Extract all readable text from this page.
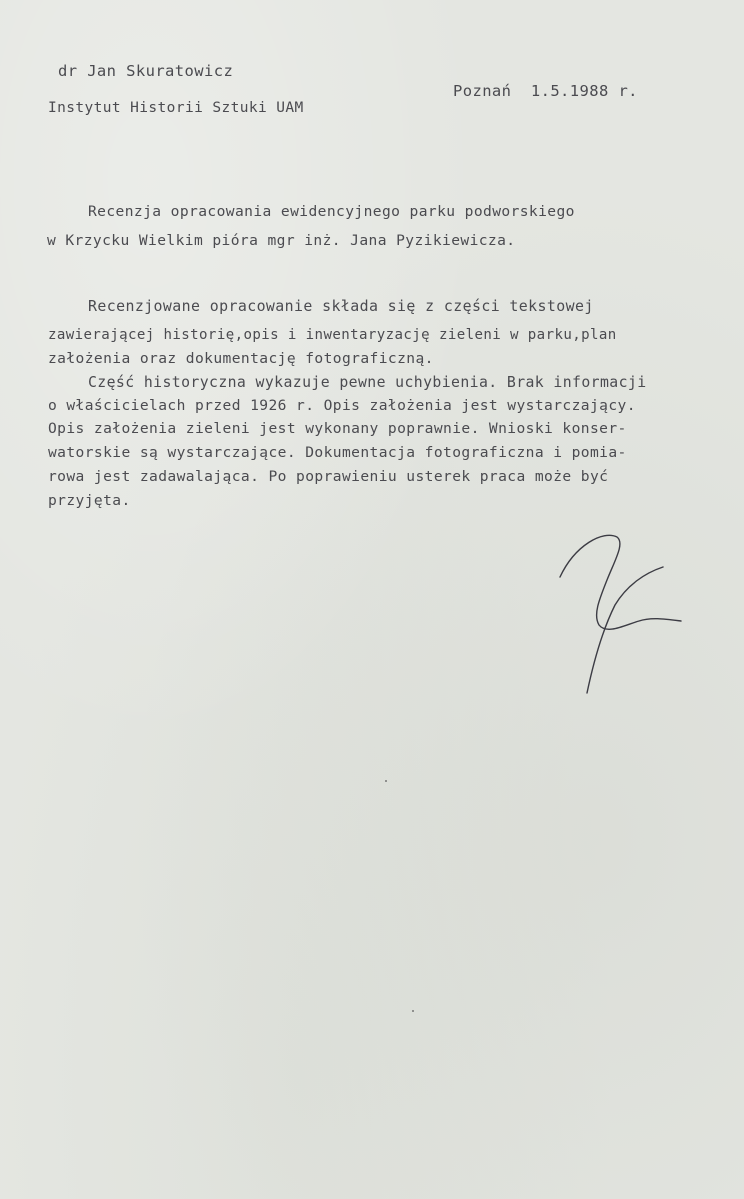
dr Jan Skuratowicz
Instytut Historii Sztuki UAM
Poznań  1.5.1988 r.
Recenzja opracowania ewidencyjnego parku podworskiego
w Krzycku Wielkim pióra mgr inż. Jana Pyzikiewicza.
Recenzjowane opracowanie składa się z części tekstowej
zawierającej historię,opis i inwentaryzację zieleni w parku,plan
założenia oraz dokumentację fotograficzną.
Część historyczna wykazuje pewne uchybienia. Brak informacji
o właścicielach przed 1926 r. Opis założenia jest wystarczający.
Opis założenia zieleni jest wykonany poprawnie. Wnioski konser-
watorskie są wystarczające. Dokumentacja fotograficzna i pomia-
rowa jest zadawalająca. Po poprawieniu usterek praca może być
przyjęta.
